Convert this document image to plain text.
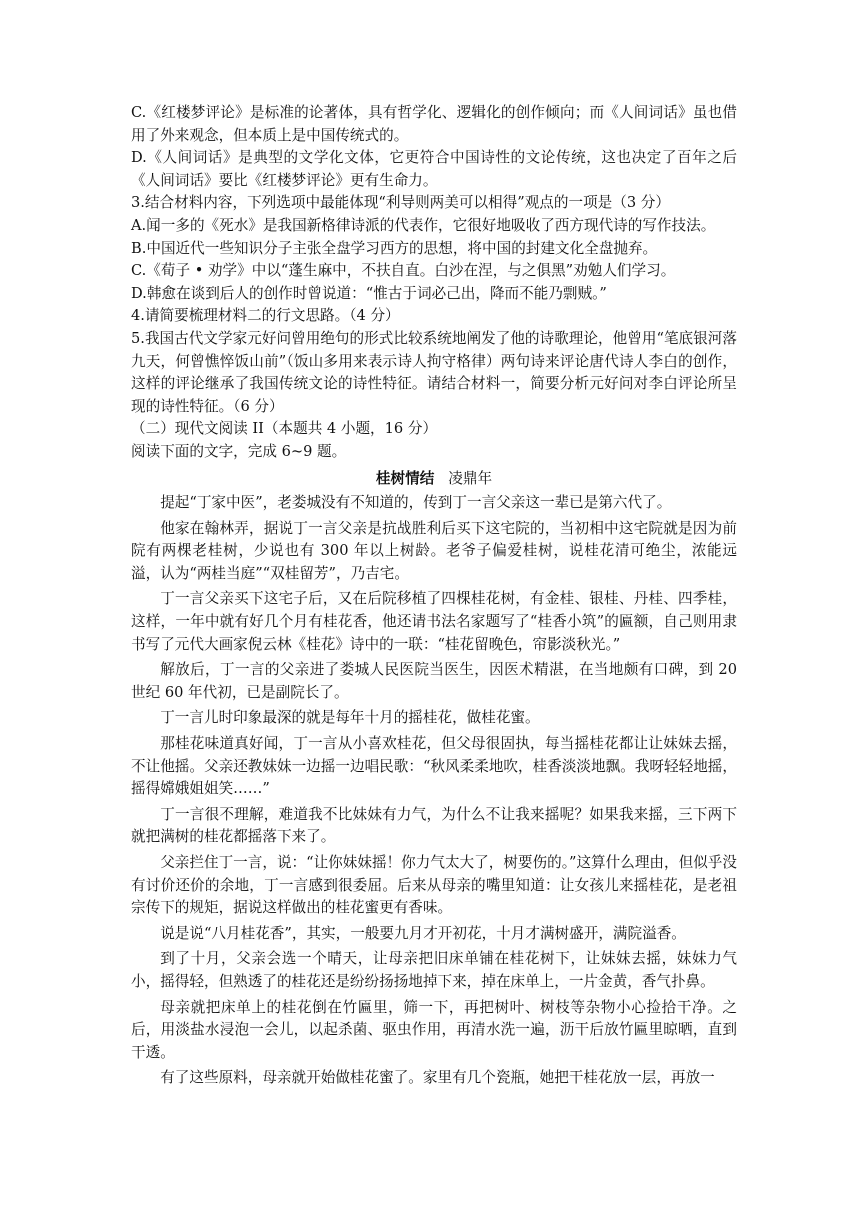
C.《红楼梦评论》是标准的论著体，具有哲学化、逻辑化的创作倾向；而《人间词话》虽也借用了外来观念，但本质上是中国传统式的。

D.《人间词话》是典型的文学化文体，它更符合中国诗性的文论传统，这也决定了百年之后《人间词话》要比《红楼梦评论》更有生命力。

3.结合材料内容，下列选项中最能体现“利导则两美可以相得”观点的一项是（3 分）

A.闻一多的《死水》是我国新格律诗派的代表作，它很好地吸收了西方现代诗的写作技法。

B.中国近代一些知识分子主张全盘学习西方的思想，将中国的封建文化全盘抛弃。

C.《荀子 • 劝学》中以“蓬生麻中，不扶自直。白沙在涅，与之俱黑”劝勉人们学习。

D.韩愈在谈到后人的创作时曾说道：“惟古于词必己出，降而不能乃剽贼。”

4.请简要梳理材料二的行文思路。（4 分）

5.我国古代文学家元好问曾用绝句的形式比较系统地阐发了他的诗歌理论，他曾用“笔底银河落九天，何曾憔悴饭山前”（饭山多用来表示诗人拘守格律）两句诗来评论唐代诗人李白的创作，这样的评论继承了我国传统文论的诗性特征。请结合材料一，简要分析元好问对李白评论所呈现的诗性特征。（6 分）

（二）现代文阅读 II（本题共 4 小题，16 分）

阅读下面的文字，完成 6~9 题。

桂树情结 凌鼎年

提起“丁家中医”，老娄城没有不知道的，传到丁一言父亲这一辈已是第六代了。

他家在翰林弄，据说丁一言父亲是抗战胜利后买下这宅院的，当初相中这宅院就是因为前院有两棵老桂树，少说也有 300 年以上树龄。老爷子偏爱桂树，说桂花清可绝尘，浓能远溢，认为“两桂当庭”“双桂留芳”，乃吉宅。

丁一言父亲买下这宅子后，又在后院移植了四棵桂花树，有金桂、银桂、丹桂、四季桂，这样，一年中就有好几个月有桂花香，他还请书法名家题写了“桂香小筑”的匾额，自己则用隶书写了元代大画家倪云林《桂花》诗中的一联：“桂花留晚色，帘影淡秋光。”

解放后，丁一言的父亲进了娄城人民医院当医生，因医术精湛，在当地颇有口碑，到 20 世纪 60 年代初，已是副院长了。

丁一言儿时印象最深的就是每年十月的摇桂花，做桂花蜜。

那桂花味道真好闻，丁一言从小喜欢桂花，但父母很固执，每当摇桂花都让让妹妹去摇，不让他摇。父亲还教妹妹一边摇一边唱民歌：“秋风柔柔地吹，桂香淡淡地飘。我呀轻轻地摇，摇得嫦娥姐姐笑……”

丁一言很不理解，难道我不比妹妹有力气，为什么不让我来摇呢？如果我来摇，三下两下就把满树的桂花都摇落下来了。

父亲拦住丁一言，说：“让你妹妹摇！你力气太大了，树要伤的。”这算什么理由，但似乎没有讨价还价的余地，丁一言感到很委屈。后来从母亲的嘴里知道：让女孩儿来摇桂花，是老祖宗传下的规矩，据说这样做出的桂花蜜更有香味。

说是说“八月桂花香”，其实，一般要九月才开初花，十月才满树盛开，满院溢香。

到了十月，父亲会选一个晴天，让母亲把旧床单铺在桂花树下，让妹妹去摇，妹妹力气小，摇得轻，但熟透了的桂花还是纷纷扬扬地掉下来，掉在床单上，一片金黄，香气扑鼻。

母亲就把床单上的桂花倒在竹匾里，筛一下，再把树叶、树枝等杂物小心捡拾干净。之后，用淡盐水浸泡一会儿，以起杀菌、驱虫作用，再清水洗一遍，沥干后放竹匾里晾晒，直到干透。

有了这些原料，母亲就开始做桂花蜜了。家里有几个瓷瓶，她把干桂花放一层，再放一
